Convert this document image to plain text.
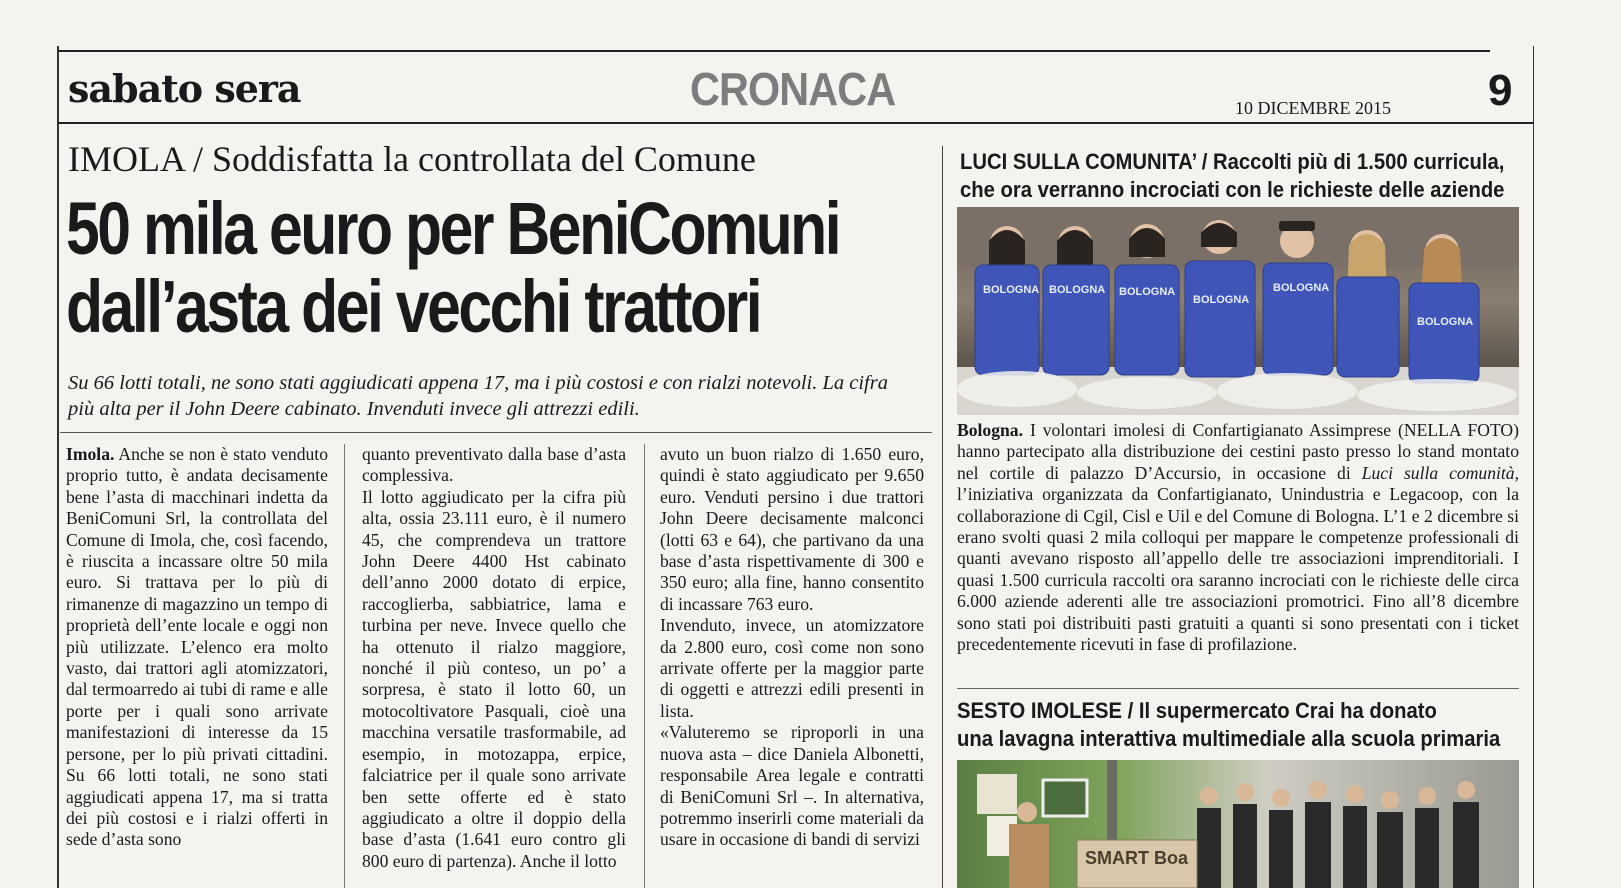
sabato sera	CRONACA	10 DICEMBRE 2015 9
IMOLA / Soddisfatta la controllata del Comune
50 mila euro per BeniComuni
dall’asta dei vecchi trattori
Su 66 lotti totali, ne sono stati aggiudicati appena 17, ma i più costosi e con rialzi notevoli. La cifra più alta per il John Deere cabinato. Invenduti invece gli attrezzi edili.

Imola. Anche se non è stato venduto proprio tutto, è andata decisamente bene l’asta di macchinari indetta da BeniComuni Srl, la controllata del Comune di Imola, che, così facendo, è riuscita a incassare oltre 50 mila euro. Si trattava per lo più di rimanenze di magazzino un tempo di proprietà dell’ente locale e oggi non più utilizzate. L’elenco era molto vasto, dai trattori agli atomizzatori, dal termoarredo ai tubi di rame e alle porte per i quali sono arrivate manifestazioni di interesse da 15 persone, per lo più privati cittadini. Su 66 lotti totali, ne sono stati aggiudicati appena 17, ma si tratta dei più costosi e i rialzi offerti in sede d’asta sono

quanto preventivato dalla base d’asta complessiva.

Il lotto aggiudicato per la cifra più alta, ossia 23.111 euro, è il numero 45, che comprendeva un trattore John Deere 4400 Hst cabinato dell’anno 2000 dotato di erpice, raccoglierba, sabbiatrice, lama e turbina per neve. Invece quello che ha ottenuto il rialzo maggiore, nonché il più conteso, un po’ a sorpresa, è stato il lotto 60, un motocoltivatore Pasquali, cioè una macchina versatile trasformabile, ad esempio, in motozappa, erpice, falciatrice per il quale sono arrivate ben sette offerte ed è stato aggiudicato a oltre il doppio della base d’asta (1.641 euro contro gli 800 euro di partenza). Anche il lotto

avuto un buon rialzo di 1.650 euro, quindi è stato aggiudicato per 9.650 euro. Venduti persino i due trattori John Deere decisamente malconci (lotti 63 e 64), che partivano da una base d’asta rispettivamente di 300 e 350 euro; alla fine, hanno consentito di incassare 763 euro.

Invenduto, invece, un atomizzatore da 2.800 euro, così come non sono arrivate offerte per la maggior parte di oggetti e attrezzi edili presenti in lista.

«Valuteremo se riproporli in una nuova asta – dice Daniela Albonetti, responsabile Area legale e contratti di BeniComuni Srl –. In alternativa, potremmo inserirli come materiali da usare in occasione di bandi di servizi

LUCI SULLA COMUNITA’ / Raccolti più di 1.500 curricula,
che ora verranno incrociati con le richieste delle aziende
BOLOGNA BOLOGNA BOLOGNA
BOLOGNA
BOLOGNA
BOLOGNA
Bologna. I volontari imolesi di Confartigianato Assimprese (NELLA FOTO) hanno partecipato alla distribuzione dei cestini pasto presso lo stand montato nel cortile di palazzo D’Accursio, in occasione di Luci sulla comunità, l’iniziativa organizzata da Confartigianato, Unindustria e Legacoop, con la collaborazione di Cgil, Cisl e Uil e del Comune di Bologna. L’1 e 2 dicembre si erano svolti quasi 2 mila colloqui per mappare le competenze professionali di quanti avevano risposto all’appello delle tre associazioni imprenditoriali. I quasi 1.500 curricula raccolti ora saranno incrociati con le richieste delle circa 6.000 aziende aderenti alle tre associazioni promotrici. Fino all’8 dicembre sono stati poi distribuiti pasti gratuiti a quanti si sono presentati con i ticket precedentemente ricevuti in fase di profilazione.
SESTO IMOLESE / Il supermercato Crai ha donato
una lavagna interattiva multimediale alla scuola primaria
SMART Boa
